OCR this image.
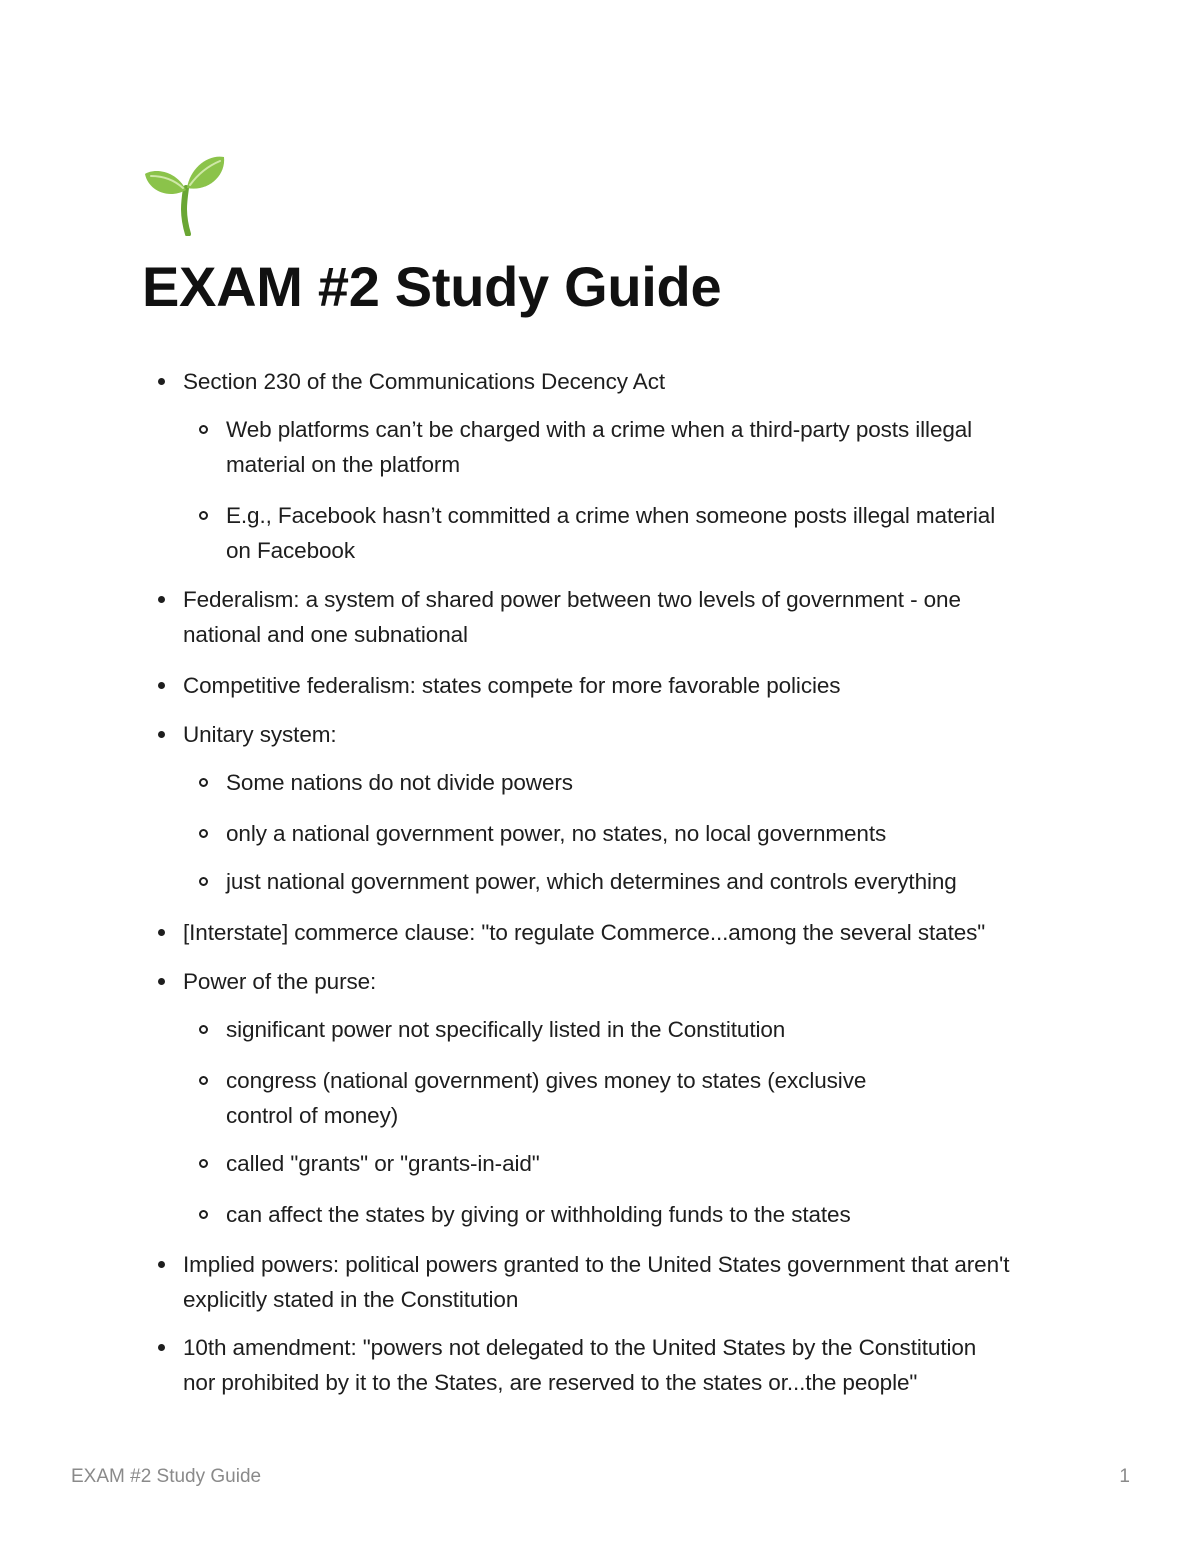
EXAM #2 Study Guide
Section 230 of the Communications Decency Act
Web platforms can’t be charged with a crime when a third-party posts illegal
material on the platform
E.g., Facebook hasn’t committed a crime when someone posts illegal material
on Facebook
Federalism: a system of shared power between two levels of government - one
national and one subnational
Competitive federalism: states compete for more favorable policies
Unitary system:
Some nations do not divide powers
only a national government power, no states, no local governments
just national government power, which determines and controls everything
[Interstate] commerce clause: "to regulate Commerce...among the several states"
Power of the purse:
significant power not specifically listed in the Constitution
congress (national government) gives money to states (exclusive
control of money)
called "grants" or "grants-in-aid"
can affect the states by giving or withholding funds to the states
Implied powers: political powers granted to the United States government that aren't
explicitly stated in the Constitution
10th amendment: "powers not delegated to the United States by the Constitution
nor prohibited by it to the States, are reserved to the states or...the people"
EXAM #2 Study Guide	1
